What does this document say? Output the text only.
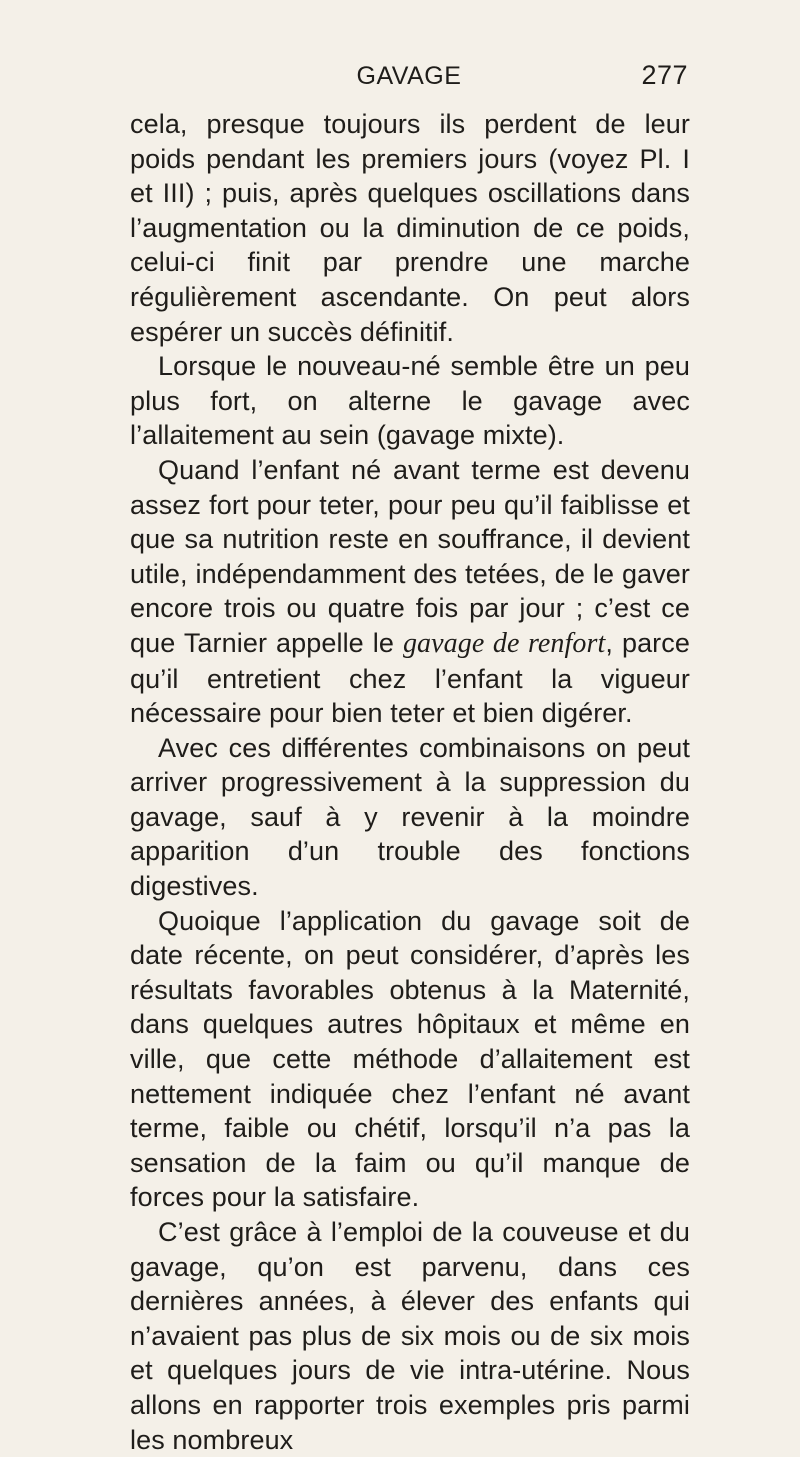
GAVAGE	277

cela, presque toujours ils perdent de leur poids pendant les premiers jours (voyez Pl. I et III) ; puis, après quelques oscillations dans l’augmentation ou la diminution de ce poids, celui-ci finit par prendre une marche régulièrement ascendante. On peut alors espérer un succès définitif.

Lorsque le nouveau-né semble être un peu plus fort, on alterne le gavage avec l’allaitement au sein (gavage mixte).

Quand l’enfant né avant terme est devenu assez fort pour teter, pour peu qu’il faiblisse et que sa nutrition reste en souffrance, il devient utile, indépendamment des tetées, de le gaver encore trois ou quatre fois par jour ; c’est ce que Tarnier appelle le gavage de renfort, parce qu’il entretient chez l’enfant la vigueur nécessaire pour bien teter et bien digérer.

Avec ces différentes combinaisons on peut arriver progressivement à la suppression du gavage, sauf à y revenir à la moindre apparition d’un trouble des fonctions digestives.

Quoique l’application du gavage soit de date récente, on peut considérer, d’après les résultats favorables obtenus à la Maternité, dans quelques autres hôpitaux et même en ville, que cette méthode d’allaitement est nettement indiquée chez l’enfant né avant terme, faible ou chétif, lorsqu’il n’a pas la sensation de la faim ou qu’il manque de forces pour la satisfaire.

C’est grâce à l’emploi de la couveuse et du gavage, qu’on est parvenu, dans ces dernières années, à élever des enfants qui n’avaient pas plus de six mois ou de six mois et quelques jours de vie intra-utérine. Nous allons en rapporter trois exemples pris parmi les nombreux
